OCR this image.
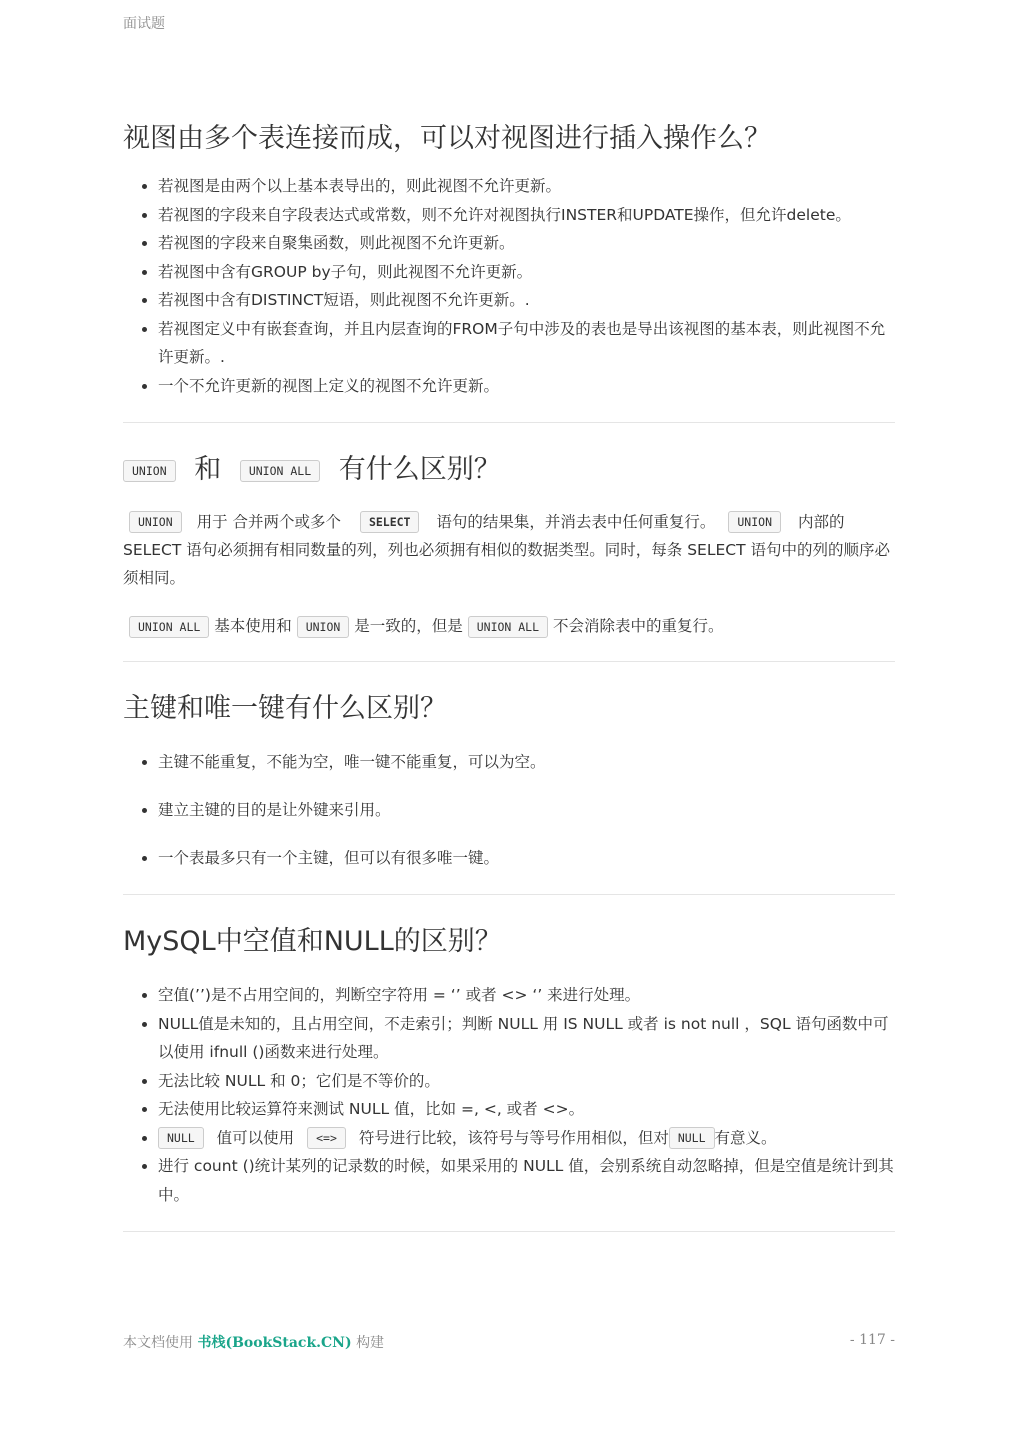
面试题
视图由多个表连接而成，可以对视图进行插入操作么？
• 若视图是由两个以上基本表导出的，则此视图不允许更新。
• 若视图的字段来自字段表达式或常数，则不允许对视图执行INSTER和UPDATE操作，但允许delete。
• 若视图的字段来自聚集函数，则此视图不允许更新。
• 若视图中含有GROUP by子句，则此视图不允许更新。
• 若视图中含有DISTINCT短语，则此视图不允许更新。.
• 若视图定义中有嵌套查询，并且内层查询的FROM子句中涉及的表也是导出该视图的基本表，则此视图不允许更新。.
• 一个不允许更新的视图上定义的视图不允许更新。
UNION 和 UNION ALL 有什么区别？

UNION 用于 合并两个或多个 SELECT 语句的结果集，并消去表中任何重复行。 UNION 内部的 SELECT 语句必须拥有相同数量的列，列也必须拥有相似的数据类型。同时，每条 SELECT 语句中的列的顺序必须相同。

UNION ALL 基本使用和 UNION 是一致的，但是 UNION ALL 不会消除表中的重复行。

主键和唯一键有什么区别？
• 主键不能重复，不能为空，唯一键不能重复，可以为空。
• 建立主键的目的是让外键来引用。
• 一个表最多只有一个主键，但可以有很多唯一键。
MySQL中空值和NULL的区别？
• 空值(’’)是不占用空间的，判断空字符用 = ‘’ 或者 <> ‘’ 来进行处理。
• NULL值是未知的，且占用空间，不走索引；判断 NULL 用 IS NULL 或者 is not null ，SQL 语句函数中可以使用 ifnull ()函数来进行处理。
• 无法比较 NULL 和 0；它们是不等价的。
• 无法使用比较运算符来测试 NULL 值，比如 =, <, 或者 <>。
• NULL 值可以使用 <=> 符号进行比较，该符号与等号作用相似，但对 NULL 有意义。
• 进行 count ()统计某列的记录数的时候，如果采用的 NULL 值，会别系统自动忽略掉，但是空值是统计到其中。
本文档使用 书栈(BookStack.CN) 构建	- 117 -
